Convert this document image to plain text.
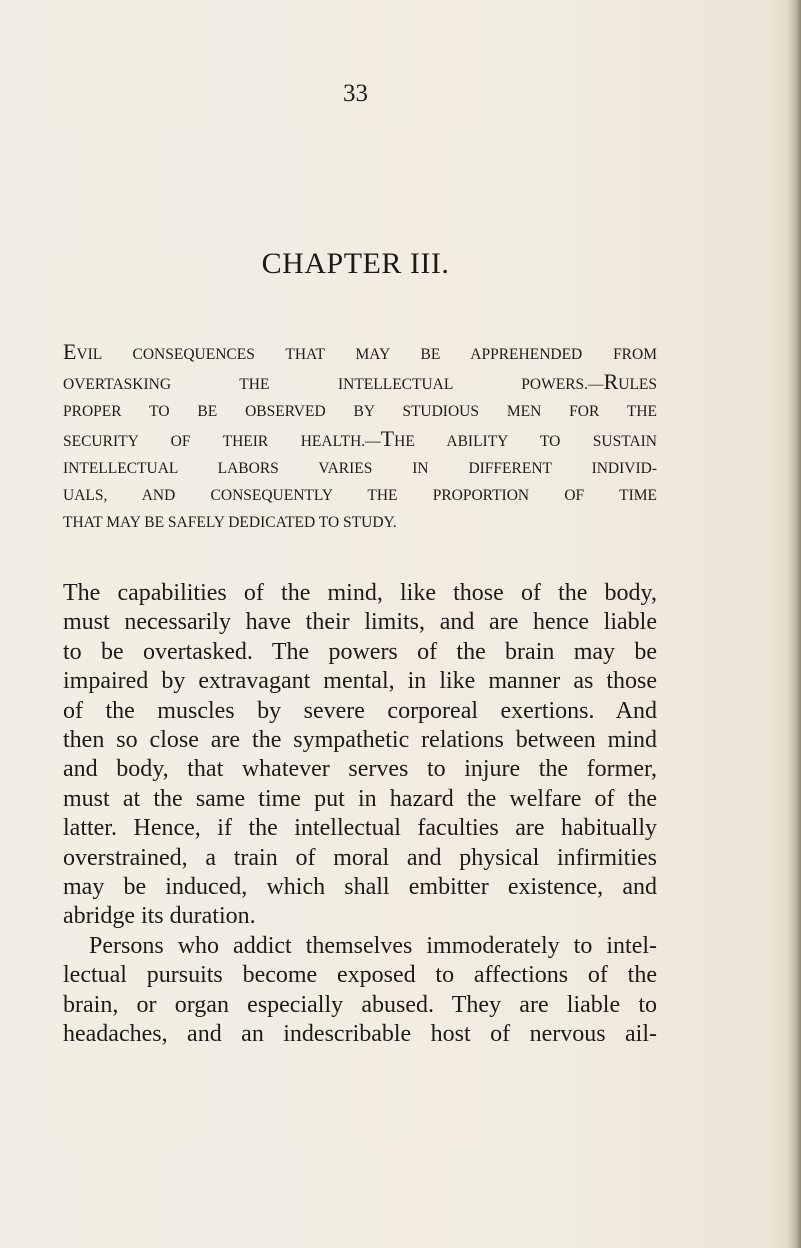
33
CHAPTER III.
EVIL CONSEQUENCES THAT MAY BE APPREHENDED FROM
OVERTASKING THE INTELLECTUAL POWERS.—RULES
PROPER TO BE OBSERVED BY STUDIOUS MEN FOR THE
SECURITY OF THEIR HEALTH.—THE ABILITY TO SUSTAIN
INTELLECTUAL LABORS VARIES IN DIFFERENT INDIVID-
UALS, AND CONSEQUENTLY THE PROPORTION OF TIME
THAT MAY BE SAFELY DEDICATED TO STUDY.
The capabilities of the mind, like those of the body,
must necessarily have their limits, and are hence liable
to be overtasked. The powers of the brain may be
impaired by extravagant mental, in like manner as those
of the muscles by severe corporeal exertions. And
then so close are the sympathetic relations between mind
and body, that whatever serves to injure the former,
must at the same time put in hazard the welfare of the
latter. Hence, if the intellectual faculties are habitually
overstrained, a train of moral and physical infirmities
may be induced, which shall embitter existence, and
abridge its duration.
Persons who addict themselves immoderately to intel-
lectual pursuits become exposed to affections of the
brain, or organ especially abused. They are liable to
headaches, and an indescribable host of nervous ail-
